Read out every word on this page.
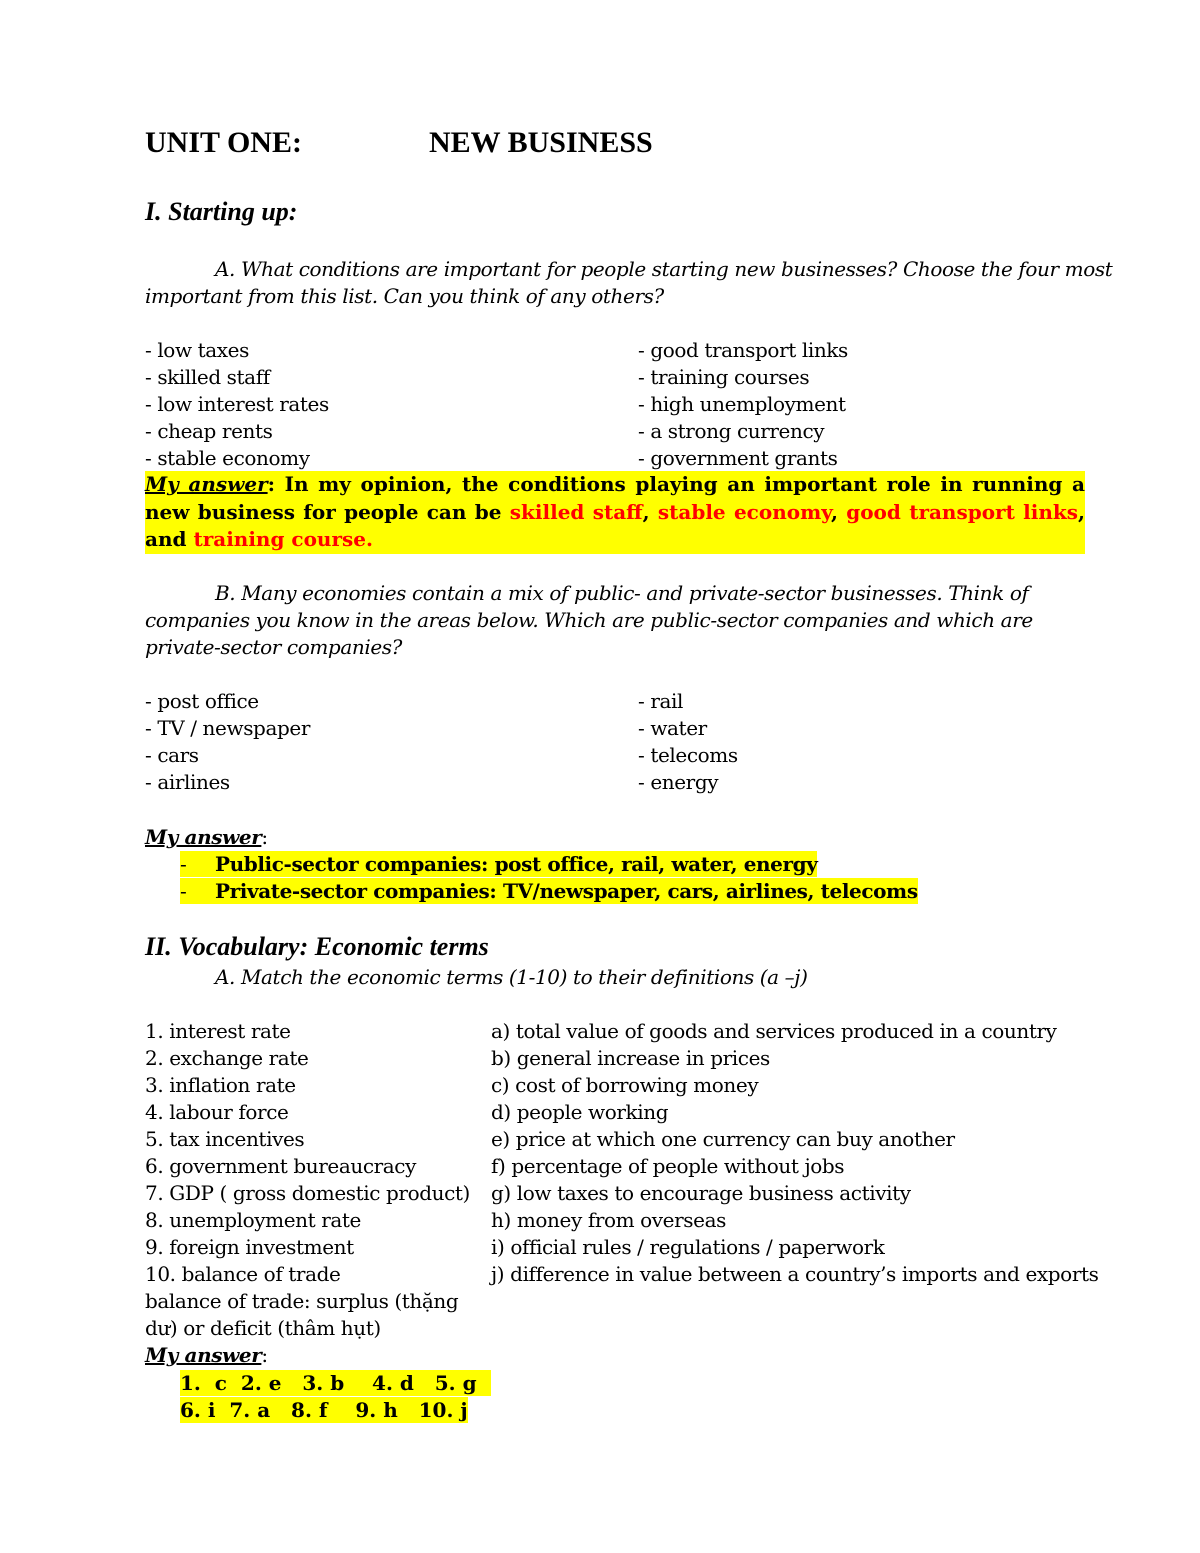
UNIT ONE:	NEW BUSINESS
I. Starting up:
A. What conditions are important for people starting new businesses? Choose the four most
important from this list. Can you think of any others?
- low taxes
- skilled staff
- low interest rates
- cheap rents
- stable economy
- good transport links
- training courses
- high unemployment
- a strong currency
- government grants
My answer: In my opinion, the conditions playing an important role in running a new business for people can be skilled staff, stable economy, good transport links, and training course.
B. Many economies contain a mix of public- and private-sector businesses. Think of
companies you know in the areas below. Which are public-sector companies and which are
private-sector companies?
- post office
- TV / newspaper
- cars
- airlines
- rail
- water
- telecoms
- energy
My answer:
- Public-sector companies: post office, rail, water, energy
- Private-sector companies: TV/newspaper, cars, airlines, telecoms
II. Vocabulary: Economic terms
A. Match the economic terms (1-10) to their definitions (a –j)
1. interest rate
2. exchange rate
3. inflation rate
4. labour force
5. tax incentives
6. government bureaucracy
7. GDP ( gross domestic product)
8. unemployment rate
9. foreign investment
10. balance of trade
balance of trade: surplus (thặng
dư) or deficit (thâm hụt)
My answer:
a) total value of goods and services produced in a country
b) general increase in prices
c) cost of borrowing money
d) people working
e) price at which one currency can buy another
f) percentage of people without jobs
g) low taxes to encourage business activity
h) money from overseas
i) official rules / regulations / paperwork
j) difference in value between a country’s imports and exports
1.  c  2. e   3. b    4. d   5. g
6. i  7. a   8. f    9. h   10. j
